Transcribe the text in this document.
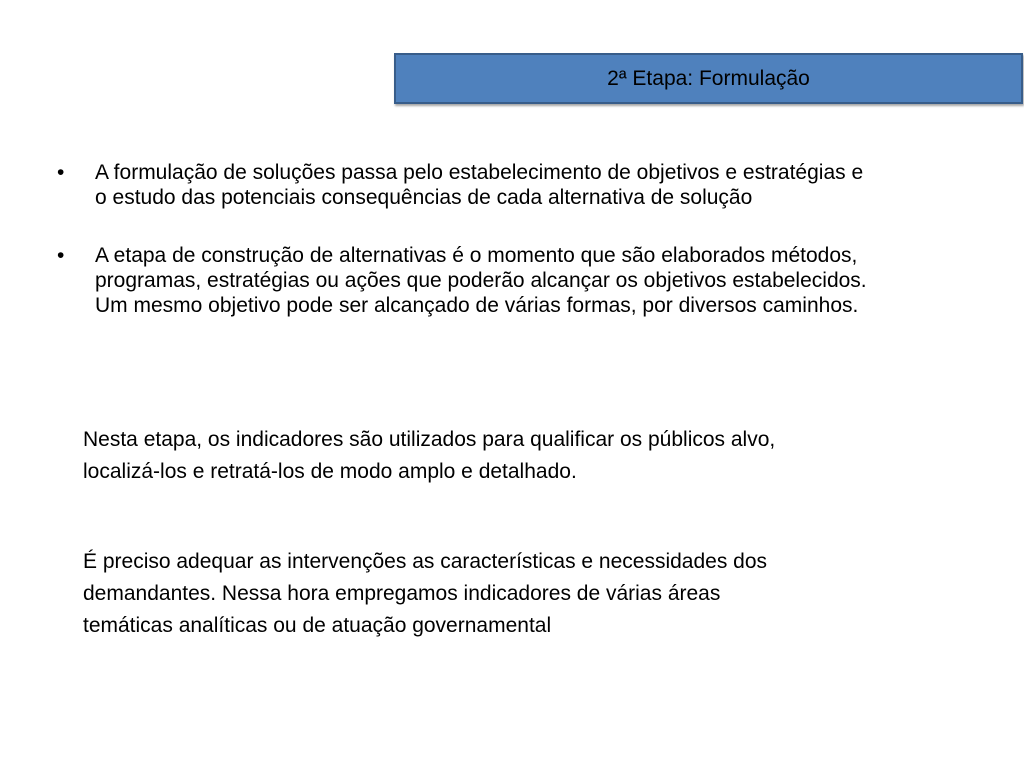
2ª Etapa: Formulação
•	A formulação de soluções passa pelo estabelecimento de objetivos e estratégias e o estudo das potenciais consequências de cada alternativa de solução
•	A etapa de construção de alternativas é o momento que são elaborados métodos, programas, estratégias ou ações que poderão alcançar os objetivos estabelecidos. Um mesmo objetivo pode ser alcançado de várias formas, por diversos caminhos.

Nesta etapa, os indicadores são utilizados para qualificar os públicos alvo, localizá-los e retratá-los de modo amplo e detalhado.

É preciso adequar as intervenções as características e necessidades dos demandantes. Nessa hora empregamos indicadores de várias áreas temáticas analíticas ou de atuação governamental
